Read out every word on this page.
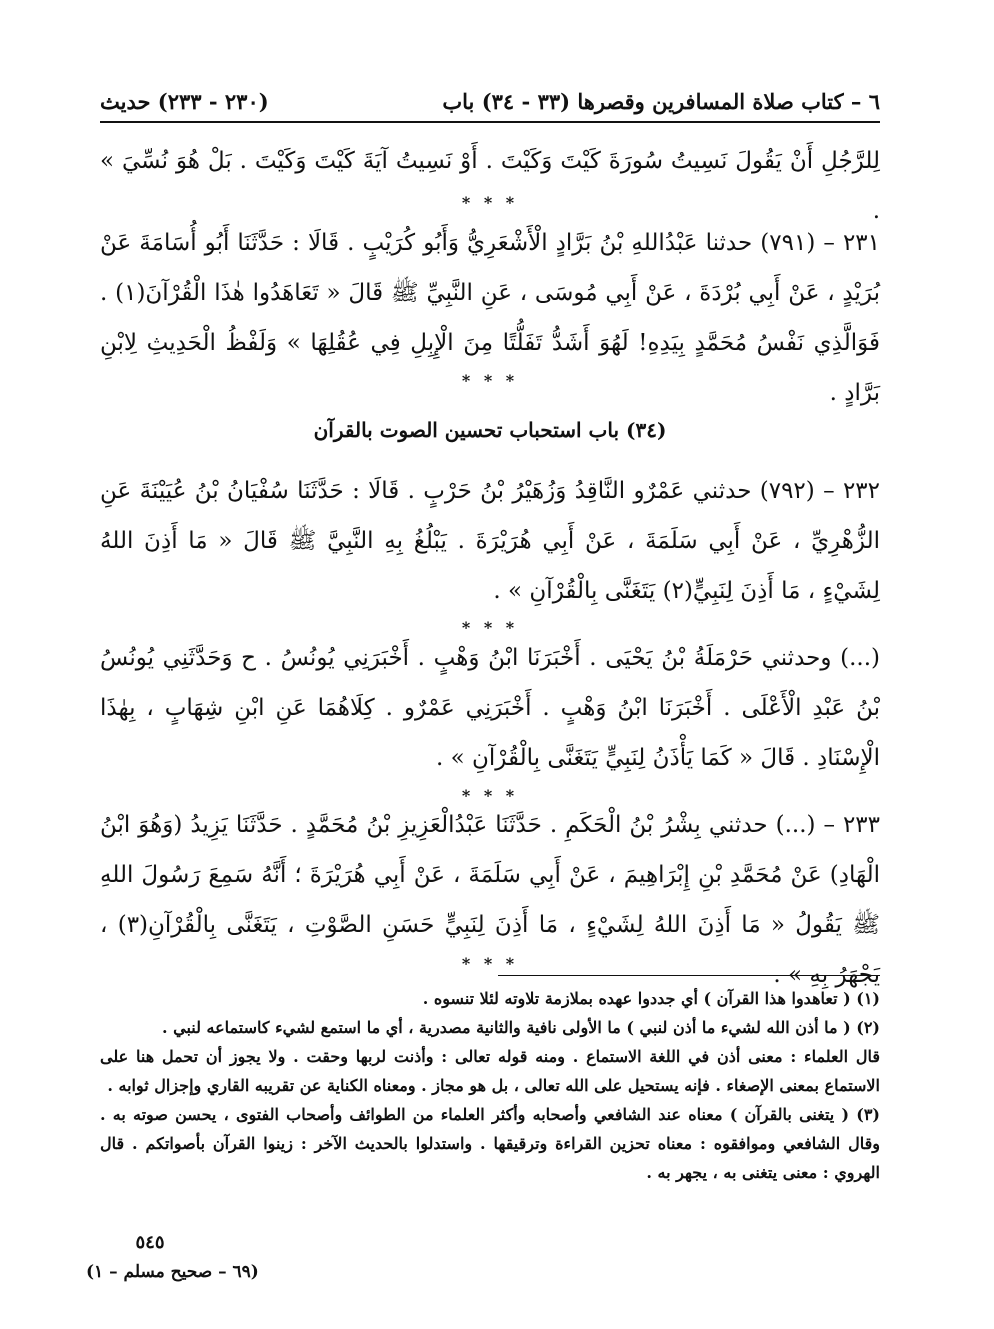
٦ – كتاب صلاة المسافرين وقصرها (٣٣ - ٣٤) باب
(٢٣٠ - ٢٣٣) حديث

لِلرَّجُلِ أَنْ يَقُولَ نَسِيتُ سُورَةَ كَيْتَ وَكَيْتَ . أَوْ نَسِيتُ آيَةَ كَيْتَ وَكَيْتَ . بَلْ هُوَ نُسِّيَ » .

* * *

٢٣١ – (٧٩١) حدثنا عَبْدُاللهِ بْنُ بَرَّادٍ الْأَشْعَرِيُّ وَأَبُو كُرَيْبٍ . قَالَا : حَدَّثَنَا أَبُو أُسَامَةَ عَنْ بُرَيْدٍ ، عَنْ أَبِي بُرْدَةَ ، عَنْ أَبِي مُوسَى ، عَنِ النَّبِيِّ ﷺ قَالَ « تَعَاهَدُوا هٰذَا الْقُرْآنَ(١) . فَوَالَّذِي نَفْسُ مُحَمَّدٍ بِيَدِهِ! لَهُوَ أَشَدُّ تَفَلُّتًا مِنَ الْإِبِلِ فِي عُقُلِهَا » وَلَفْظُ الْحَدِيثِ لِابْنِ بَرَّادٍ .

* * *
(٣٤) باب استحباب تحسين الصوت بالقرآن

٢٣٢ – (٧٩٢) حدثني عَمْرٌو النَّاقِدُ وَزُهَيْرُ بْنُ حَرْبٍ . قَالَا : حَدَّثَنَا سُفْيَانُ بْنُ عُيَيْنَةَ عَنِ الزُّهْرِيِّ ، عَنْ أَبِي سَلَمَةَ ، عَنْ أَبِي هُرَيْرَةَ . يَبْلُغُ بِهِ النَّبِيَّ ﷺ قَالَ « مَا أَذِنَ اللهُ لِشَيْءٍ ، مَا أَذِنَ لِنَبِيٍّ(٢) يَتَغَنَّى بِالْقُرْآنِ » .

* * *

(...) وحدثني حَرْمَلَةُ بْنُ يَحْيَى . أَخْبَرَنَا ابْنُ وَهْبٍ . أَخْبَرَنِي يُونُسُ . ح وَحَدَّثَنِي يُونُسُ بْنُ عَبْدِ الْأَعْلَى . أَخْبَرَنَا ابْنُ وَهْبٍ . أَخْبَرَنِي عَمْرٌو . كِلَاهُمَا عَنِ ابْنِ شِهَابٍ ، بِهٰذَا الْإِسْنَادِ . قَالَ « كَمَا يَأْذَنُ لِنَبِيٍّ يَتَغَنَّى بِالْقُرْآنِ » .

* * *

٢٣٣ – (...) حدثني بِشْرُ بْنُ الْحَكَمِ . حَدَّثَنَا عَبْدُالْعَزِيزِ بْنُ مُحَمَّدٍ . حَدَّثَنَا يَزِيدُ (وَهُوَ ابْنُ الْهَادِ) عَنْ مُحَمَّدِ بْنِ إِبْرَاهِيمَ ، عَنْ أَبِي سَلَمَةَ ، عَنْ أَبِي هُرَيْرَةَ ؛ أَنَّهُ سَمِعَ رَسُولَ اللهِ ﷺ يَقُولُ « مَا أَذِنَ اللهُ لِشَيْءٍ ، مَا أَذِنَ لِنَبِيٍّ حَسَنِ الصَّوْتِ ، يَتَغَنَّى بِالْقُرْآنِ(٣) ، يَجْهَرُ بِهِ » .

* * *

(١) ( تعاهدوا هذا القرآن ) أي جددوا عهده بملازمة تلاوته لئلا تنسوه .

(٢) ( ما أذن الله لشيء ما أذن لنبي ) ما الأولى نافية والثانية مصدرية ، أي ما استمع لشيء كاستماعه لنبي .

قال العلماء : معنى أذن في اللغة الاستماع . ومنه قوله تعالى : وأذنت لربها وحقت . ولا يجوز أن تحمل هنا على الاستماع بمعنى الإصغاء . فإنه يستحيل على الله تعالى ، بل هو مجاز . ومعناه الكناية عن تقريبه القاري وإجزال ثوابه .

(٣) ( يتغنى بالقرآن ) معناه عند الشافعي وأصحابه وأكثر العلماء من الطوائف وأصحاب الفتوى ، يحسن صوته به . وقال الشافعي وموافقوه : معناه تحزين القراءة وترقيقها . واستدلوا بالحديث الآخر : زينوا القرآن بأصواتكم . قال الهروي : معنى يتغنى به ، يجهر به .

٥٤٥
(٦٩ – صحيح مسلم – ١)
